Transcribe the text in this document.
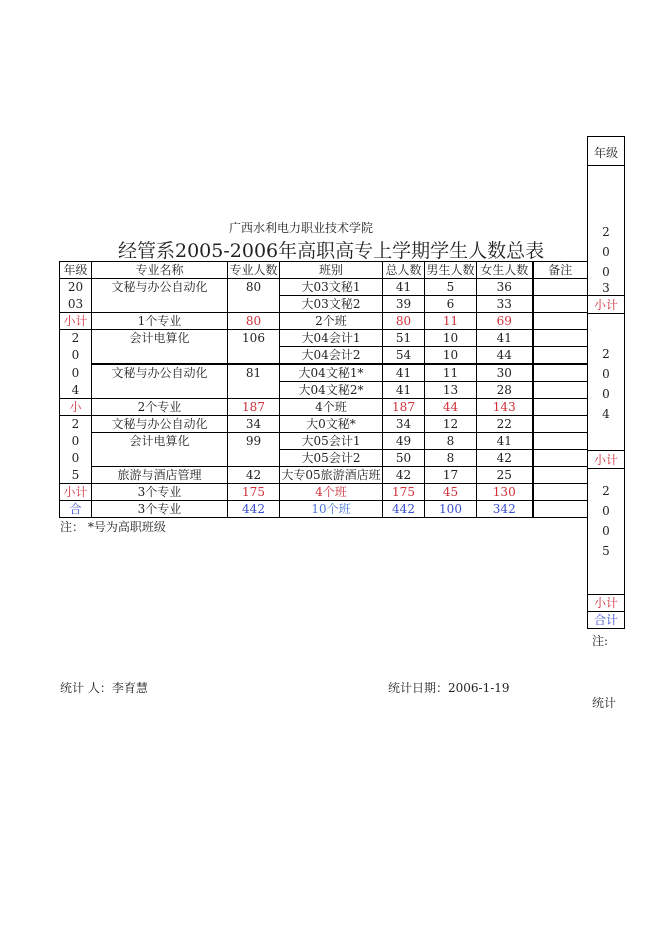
广西水利电力职业技术学院
经管系2005-2006年高职高专上学期学生人数总表
年级	专业名称	专业人数	班别	总人数	男生人数	女生人数	备注
20	文秘与办公自动化	80	大03文秘1	41	5	36	
03			大03文秘2	39	6	33	
小计	1个专业	80	2个班	80	11	69	
2	会计电算化	106	大04会计1	51	10	41	
0			大04会计2	54	10	44	
0	文秘与办公自动化	81	大04文秘1*	41	11	30	
4			大04文秘2*	41	13	28	
小	2个专业	187	4个班	187	44	143	
2	文秘与办公自动化	34	大0文秘*	34	12	22	
0	会计电算化	99	大05会计1	49	8	41	
0			大05会计2	50	8	42	
5	旅游与酒店管理	42	大专05旅游酒店班	42	17	25	
小计	3个专业	175	4个班	175	45	130	
合	3个专业	442	10个班	442	100	342	
注： *号为高职班级
统计 人：李育慧	统计日期：2006-1-19
年级
2
0
0
3
小计
2
0
0
4
小计
2
0
0
5
小计
合计
注:
统计
